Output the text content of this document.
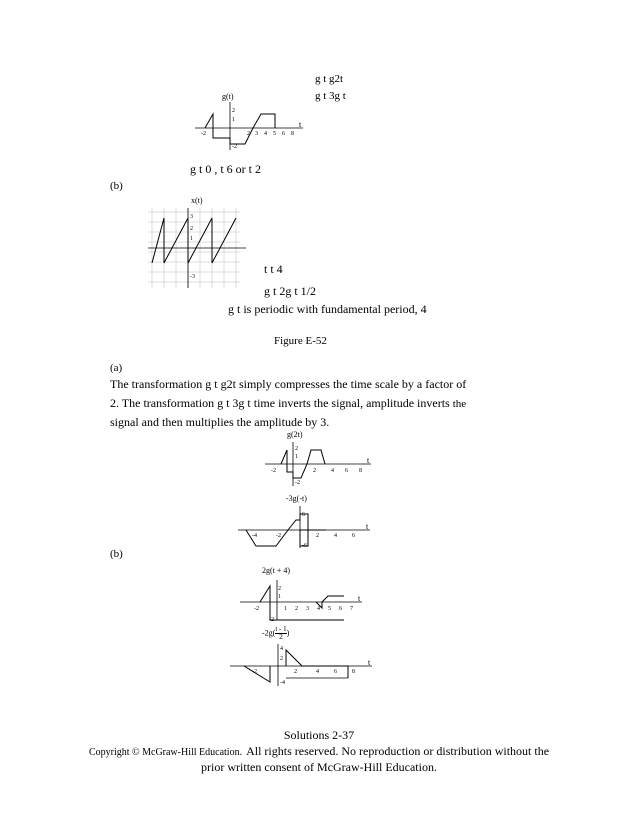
g t g2t
g t 3g t
g(t)
-2	2 3 4 5 6 8
2
1
-2
t
g t 0 , t 6 or t 2
(b)
x(t)
3
2
1
-3
t t 4
g t 2g t 1/2
g t is periodic with fundamental period, 4
Figure E-52
(a)
The transformation g t g2t simply compresses the time scale by a factor of
2. The transformation g t 3g t time inverts the signal, amplitude inverts the
signal and then multiplies the amplitude by 3.
g(2t)
-2	2	4 6 8
2
1
-2
t
-3g(-t)
-4	-2	2	4	6
6
-6
t
(b)
2g(t + 4)
-2	1 2 3 4 5 6 7
2
1
-2
t
$-2g( \frac{t - 1}{2}$ )
-2	2	4	6	8
4
2
-4
t
Solutions 2-37
Copyright © McGraw-Hill Education. All rights reserved. No reproduction or distribution without the
prior written consent of McGraw-Hill Education.
